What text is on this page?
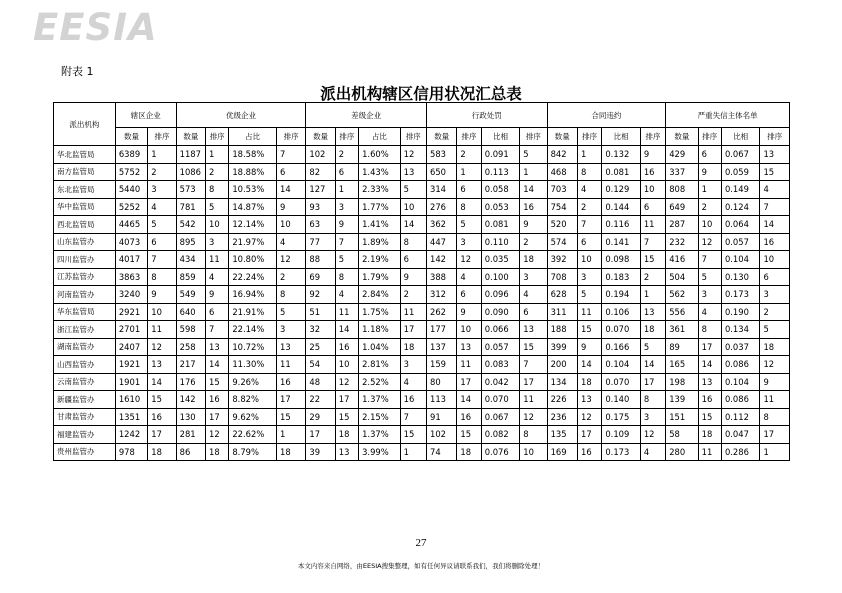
EESIA
附表 1
派出机构辖区信用状况汇总表
派出机构	辖区企业		优级企业				差级企业				行政处罚				合同违约				严重失信主体名单			
	数量	排序	数量	排序	占比	排序	数量	排序	占比	排序	数量	排序	比相	排序	数量	排序	比相	排序	数量	排序	比相	排序
华北监管局	6389	1	1187	1	18.58%	7	102	2	1.60%	12	583	2	0.091	5	842	1	0.132	9	429	6	0.067	13
南方监管局	5752	2	1086	2	18.88%	6	82	6	1.43%	13	650	1	0.113	1	468	8	0.081	16	337	9	0.059	15
东北监管局	5440	3	573	8	10.53%	14	127	1	2.33%	5	314	6	0.058	14	703	4	0.129	10	808	1	0.149	4
华中监管局	5252	4	781	5	14.87%	9	93	3	1.77%	10	276	8	0.053	16	754	2	0.144	6	649	2	0.124	7
西北监管局	4465	5	542	10	12.14%	10	63	9	1.41%	14	362	5	0.081	9	520	7	0.116	11	287	10	0.064	14
山东监管办	4073	6	895	3	21.97%	4	77	7	1.89%	8	447	3	0.110	2	574	6	0.141	7	232	12	0.057	16
四川监管办	4017	7	434	11	10.80%	12	88	5	2.19%	6	142	12	0.035	18	392	10	0.098	15	416	7	0.104	10
江苏监管办	3863	8	859	4	22.24%	2	69	8	1.79%	9	388	4	0.100	3	708	3	0.183	2	504	5	0.130	6
河南监管办	3240	9	549	9	16.94%	8	92	4	2.84%	2	312	6	0.096	4	628	5	0.194	1	562	3	0.173	3
华东监管局	2921	10	640	6	21.91%	5	51	11	1.75%	11	262	9	0.090	6	311	11	0.106	13	556	4	0.190	2
浙江监管办	2701	11	598	7	22.14%	3	32	14	1.18%	17	177	10	0.066	13	188	15	0.070	18	361	8	0.134	5
湖南监管办	2407	12	258	13	10.72%	13	25	16	1.04%	18	137	13	0.057	15	399	9	0.166	5	89	17	0.037	18
山西监管办	1921	13	217	14	11.30%	11	54	10	2.81%	3	159	11	0.083	7	200	14	0.104	14	165	14	0.086	12
云南监管办	1901	14	176	15	9.26%	16	48	12	2.52%	4	80	17	0.042	17	134	18	0.070	17	198	13	0.104	9
新疆监管办	1610	15	142	16	8.82%	17	22	17	1.37%	16	113	14	0.070	11	226	13	0.140	8	139	16	0.086	11
甘肃监管办	1351	16	130	17	9.62%	15	29	15	2.15%	7	91	16	0.067	12	236	12	0.175	3	151	15	0.112	8
福建监管办	1242	17	281	12	22.62%	1	17	18	1.37%	15	102	15	0.082	8	135	17	0.109	12	58	18	0.047	17
贵州监管办	978	18	86	18	8.79%	18	39	13	3.99%	1	74	18	0.076	10	169	16	0.173	4	280	11	0.286	1
27
本文内容来自网络，由EESIA搜集整理，如有任何异议请联系我们，我们将删除处理！
